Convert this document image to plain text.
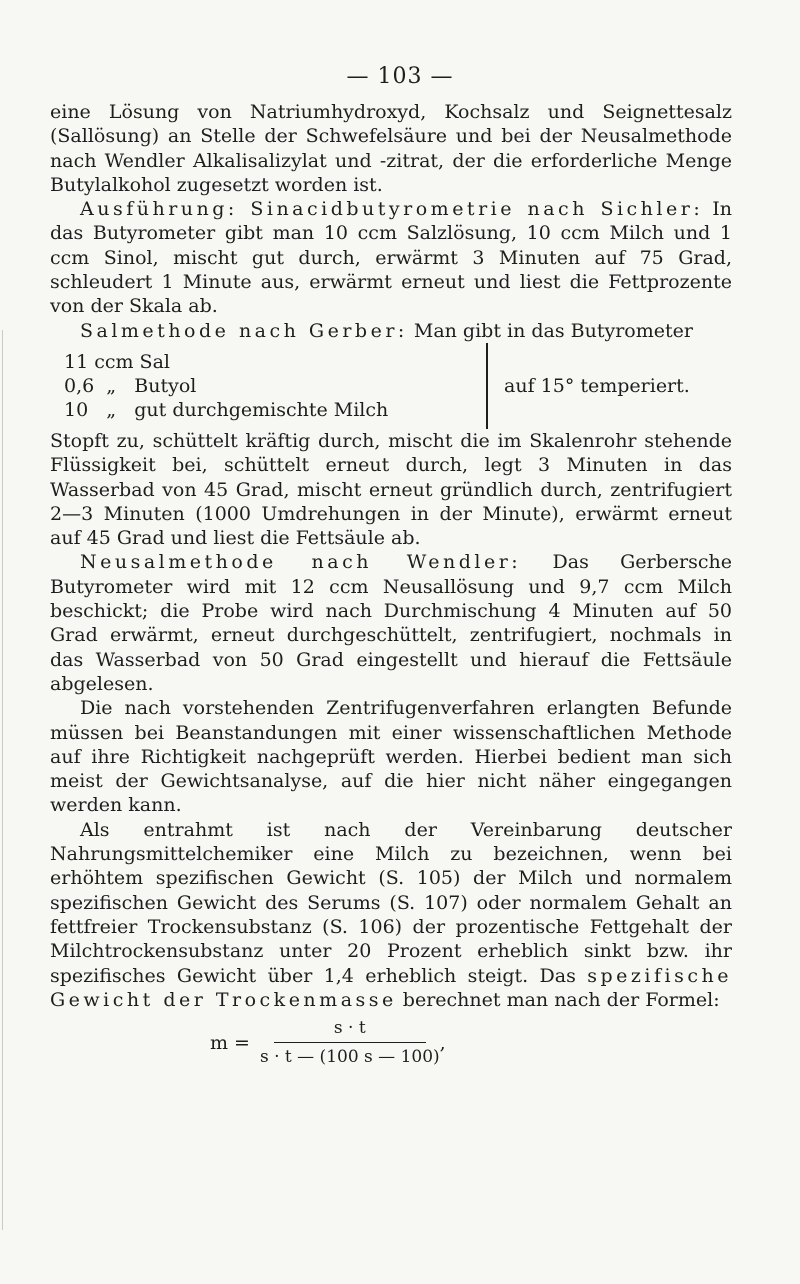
— 103 —

eine Lösung von Natriumhydroxyd, Kochsalz und Seignettesalz (Sallösung) an Stelle der Schwefelsäure und bei der Neusalmethode nach Wendler Alkalisalizylat und -zitrat, der die erforderliche Menge Butylalkohol zugesetzt worden ist.

Ausführung: Sinacidbutyrometrie nach Sichler: In das Butyrometer gibt man 10 ccm Salzlösung, 10 ccm Milch und 1 ccm Sinol, mischt gut durch, erwärmt 3 Minuten auf 75 Grad, schleudert 1 Minute aus, erwärmt erneut und liest die Fettprozente von der Skala ab.

Salmethode nach Gerber: Man gibt in das Butyrometer

11 ccm Sal
0,6  „   Butyol
10   „   gut durchgemischte Milch
auf 15° temperiert.

Stopft zu, schüttelt kräftig durch, mischt die im Skalenrohr stehende Flüssigkeit bei, schüttelt erneut durch, legt 3 Minuten in das Wasserbad von 45 Grad, mischt erneut gründlich durch, zentrifugiert 2—3 Minuten (1000 Umdrehungen in der Minute), erwärmt erneut auf 45 Grad und liest die Fettsäule ab.

Neusalmethode nach Wendler: Das Gerbersche Butyrometer wird mit 12 ccm Neusallösung und 9,7 ccm Milch beschickt; die Probe wird nach Durchmischung 4 Minuten auf 50 Grad erwärmt, erneut durchgeschüttelt, zentrifugiert, nochmals in das Wasserbad von 50 Grad eingestellt und hierauf die Fettsäule abgelesen.

Die nach vorstehenden Zentrifugenverfahren erlangten Befunde müssen bei Beanstandungen mit einer wissenschaftlichen Methode auf ihre Richtigkeit nachgeprüft werden. Hierbei bedient man sich meist der Gewichtsanalyse, auf die hier nicht näher eingegangen werden kann.

Als entrahmt ist nach der Vereinbarung deutscher Nahrungsmittelchemiker eine Milch zu bezeichnen, wenn bei erhöhtem spezifischen Gewicht (S. 105) der Milch und normalem spezifischen Gewicht des Serums (S. 107) oder normalem Gehalt an fettfreier Trockensubstanz (S. 106) der prozentische Fettgehalt der Milchtrockensubstanz unter 20 Prozent erheblich sinkt bzw. ihr spezifisches Gewicht über 1,4 erheblich steigt. Das spezifische Gewicht der Trockenmasse berechnet man nach der Formel:

$m = \frac{s \cdot t}{s \cdot t — (100 s — 100)}$ ,
